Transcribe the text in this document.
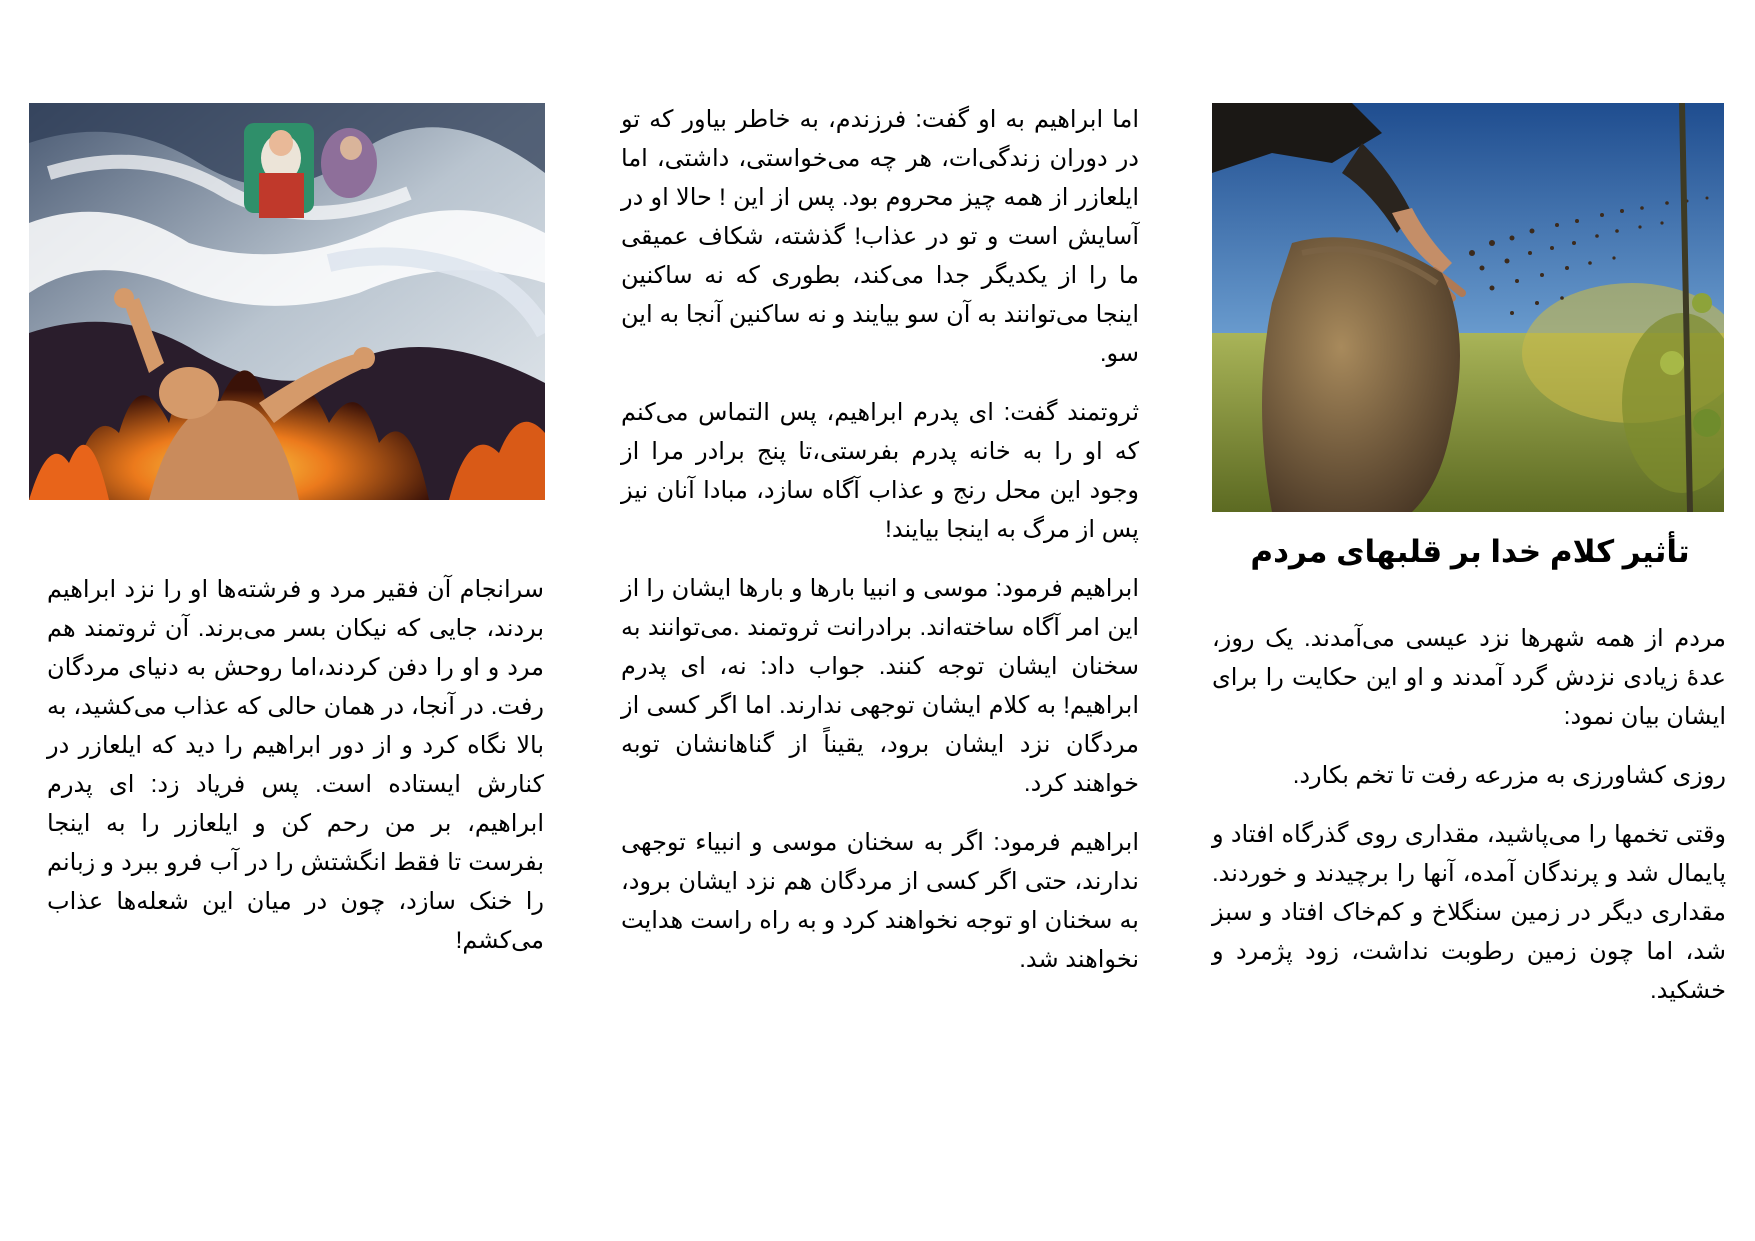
سرانجام آن فقیر مرد و فرشته‌ها او را نزد ابراهیم بردند، جایی که نیکان بسر می‌برند. آن ثروتمند هم مرد و او را دفن کردند،اما روحش به دنیای مردگان رفت. در آنجا، در همان حالی که عذاب می‌کشید، به بالا نگاه کرد و از دور ابراهیم را دید که ایلعازر در کنارش ایستاده است. پس فریاد زد: ای پدرم ابراهیم، بر من رحم کن و ایلعازر را به اینجا بفرست تا فقط انگشتش را در آب فرو ببرد و زبانم را خنک سازد، چون در میان این شعله‌ها عذاب می‌کشم!

اما ابراهیم به او گفت: فرزندم، به خاطر بیاور که تو در دوران زندگی‌ات، هر چه می‌خواستی، داشتی، اما ایلعازر از همه چیز محروم بود. پس از این ! حالا او در آسایش است و تو در عذاب! گذشته، شکاف عمیقی ما را از یکدیگر جدا می‌کند، بطوری که نه ساکنین اینجا می‌توانند به آن سو بیایند و نه ساکنین آنجا به این سو.

ثروتمند گفت: ای پدرم ابراهیم، پس التماس می‌کنم که او را به خانه پدرم بفرستی،تا پنج برادر مرا از وجود این محل رنج و عذاب آگاه سازد، مبادا آنان نیز پس از مرگ به اینجا بیایند!

ابراهیم فرمود: موسی و انبیا بارها و بارها ایشان را از این امر آگاه ساخته‌اند. برادرانت ثروتمند .می‌توانند به سخنان ایشان توجه کنند. جواب داد: نه، ای پدرم ابراهیم! به کلام ایشان توجهی ندارند. اما اگر کسی از مردگان نزد ایشان برود، یقیناً از گناهانشان توبه خواهند کرد.

ابراهیم فرمود: اگر به سخنان موسی و انبیاء توجهی ندارند، حتی اگر کسی از مردگان هم نزد ایشان برود، به سخنان او توجه نخواهند کرد و به راه راست هدایت نخواهند شد.

تأثیر کلام خدا بر قلبهای مردم

مردم از همه شهرها نزد عیسی می‌آمدند. یک روز، عدهٔ زیادی نزدش گرد آمدند و او این حکایت را برای ایشان بیان نمود:

روزی کشاورزی به مزرعه رفت تا تخم بکارد.

وقتی تخمها را می‌پاشید، مقداری روی گذرگاه افتاد و پایمال شد و پرندگان آمده، آنها را برچیدند و خوردند. مقداری دیگر در زمین سنگلاخ و کم‌خاک افتاد و سبز شد، اما چون زمین رطوبت نداشت، زود پژمرد و خشکید.
